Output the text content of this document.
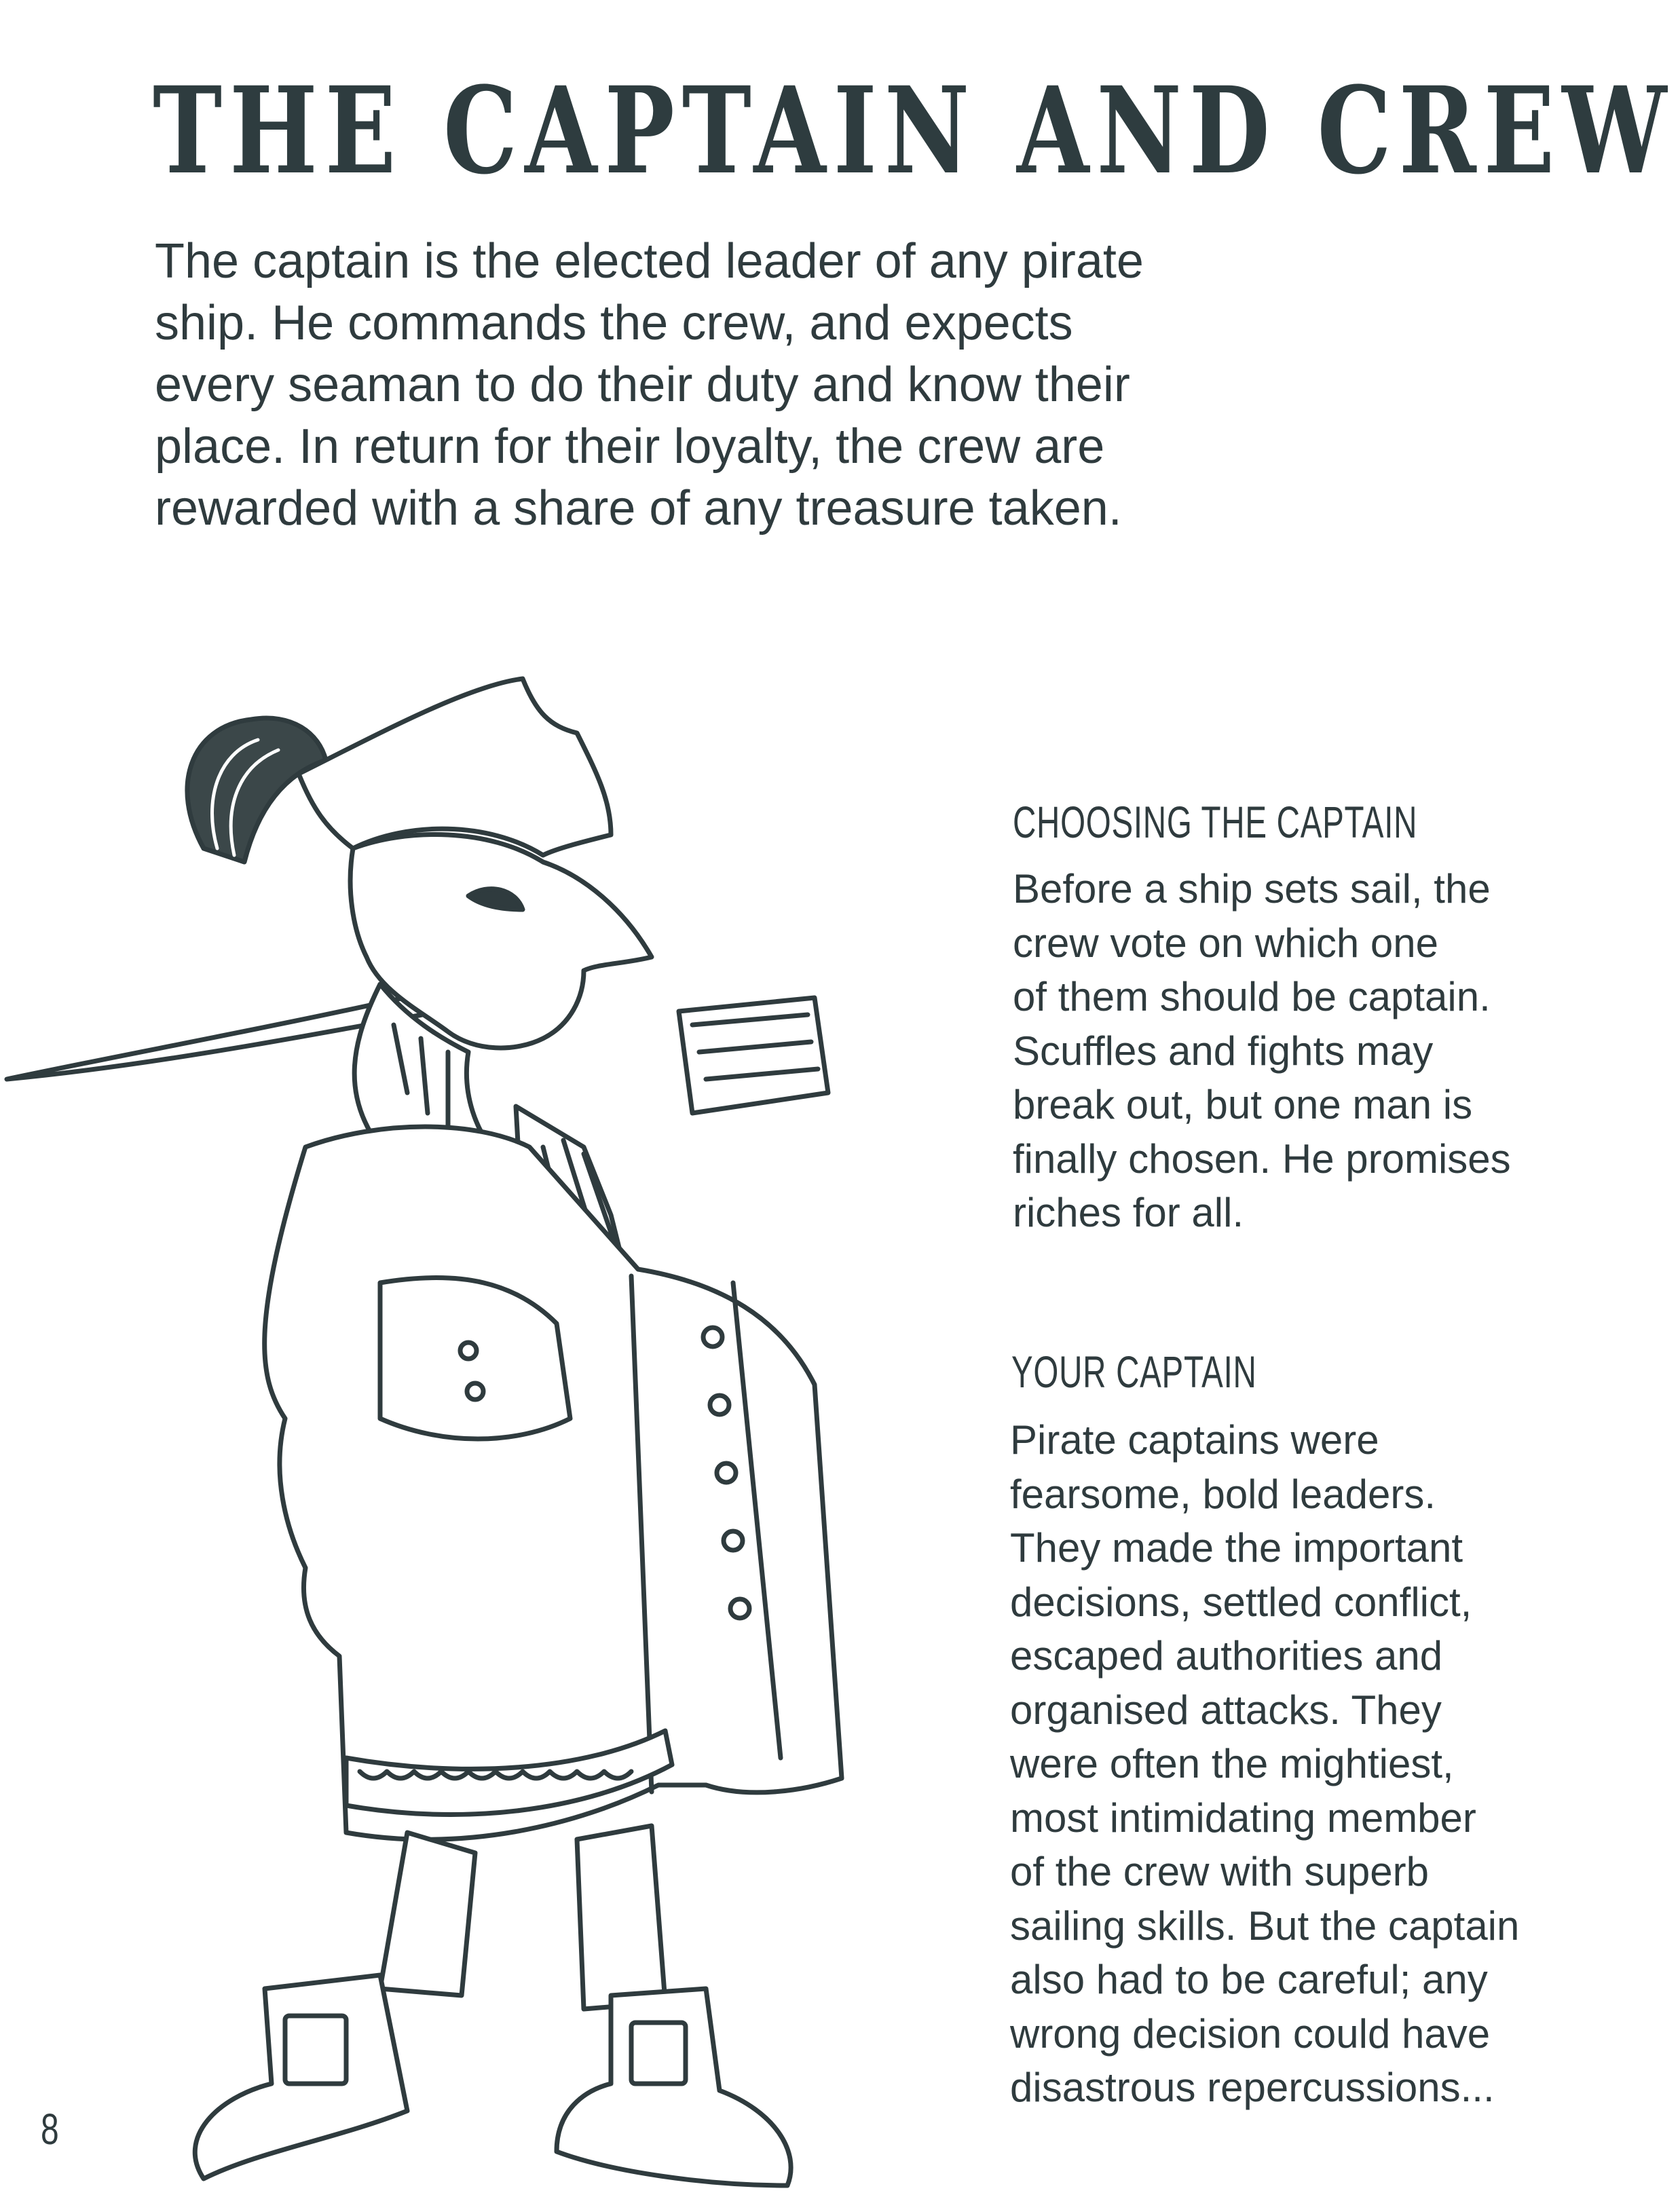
THE CAPTAIN AND CREW
The captain is the elected leader of any pirate
ship. He commands the crew, and expects
every seaman to do their duty and know their
place. In return for their loyalty, the crew are
rewarded with a share of any treasure taken.
CHOOSING THE CAPTAIN
Before a ship sets sail, the
crew vote on which one
of them should be captain.
Scuffles and fights may
break out, but one man is
finally chosen. He promises
riches for all.
YOUR CAPTAIN
Pirate captains were
fearsome, bold leaders.
They made the important
decisions, settled conflict,
escaped authorities and
organised attacks. They
were often the mightiest,
most intimidating member
of the crew with superb
sailing skills. But the captain
also had to be careful; any
wrong decision could have
disastrous repercussions...
8
